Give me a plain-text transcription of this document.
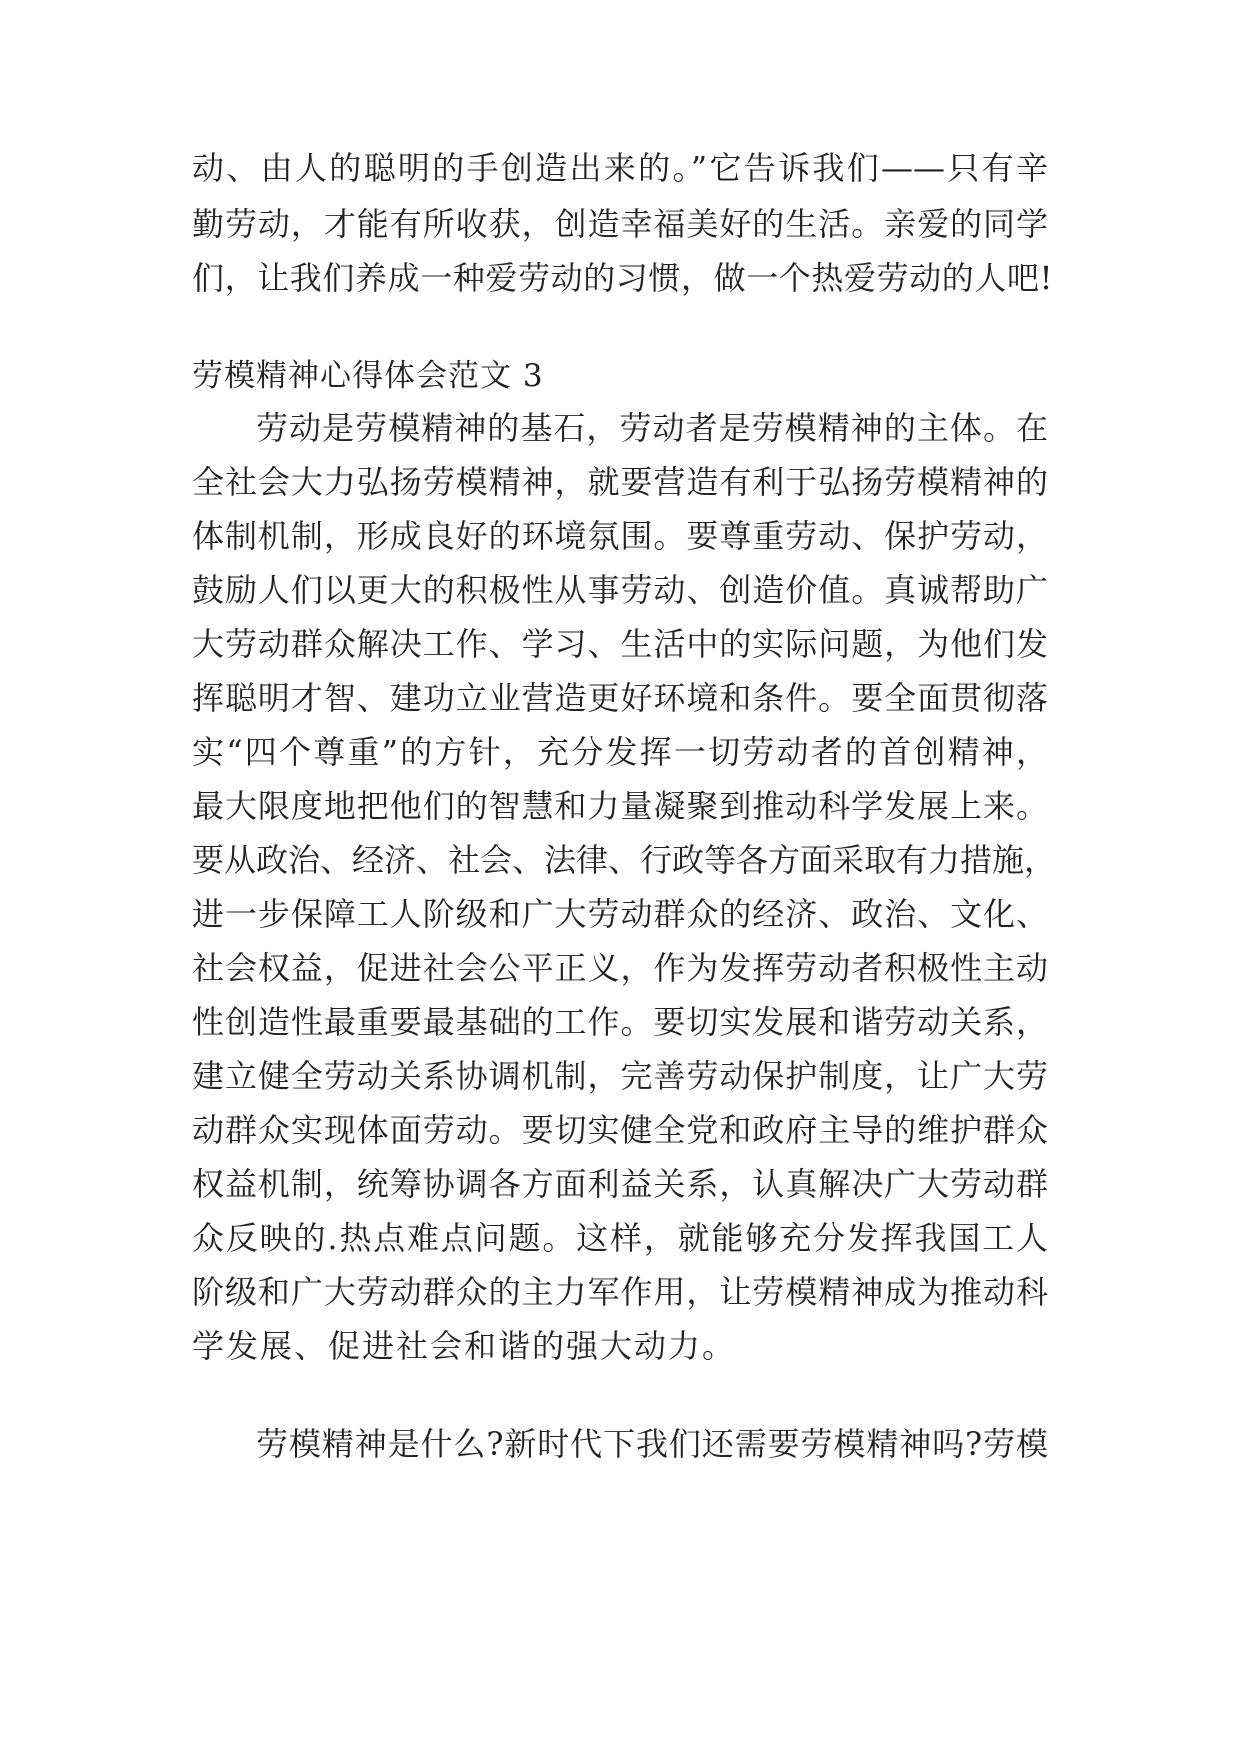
动、由人的聪明的手创造出来的。”它告诉我们——只有辛
勤劳动，才能有所收获，创造幸福美好的生活。亲爱的同学
们，让我们养成一种爱劳动的习惯，做一个热爱劳动的人吧!
劳模精神心得体会范文 3
劳动是劳模精神的基石，劳动者是劳模精神的主体。在
全社会大力弘扬劳模精神，就要营造有利于弘扬劳模精神的
体制机制，形成良好的环境氛围。要尊重劳动、保护劳动，
鼓励人们以更大的积极性从事劳动、创造价值。真诚帮助广
大劳动群众解决工作、学习、生活中的实际问题，为他们发
挥聪明才智、建功立业营造更好环境和条件。要全面贯彻落
实“四个尊重”的方针，充分发挥一切劳动者的首创精神，
最大限度地把他们的智慧和力量凝聚到推动科学发展上来。
要从政治、经济、社会、法律、行政等各方面采取有力措施，
进一步保障工人阶级和广大劳动群众的经济、政治、文化、
社会权益，促进社会公平正义，作为发挥劳动者积极性主动
性创造性最重要最基础的工作。要切实发展和谐劳动关系，
建立健全劳动关系协调机制，完善劳动保护制度，让广大劳
动群众实现体面劳动。要切实健全党和政府主导的维护群众
权益机制，统筹协调各方面利益关系，认真解决广大劳动群
众反映的.热点难点问题。这样，就能够充分发挥我国工人
阶级和广大劳动群众的主力军作用，让劳模精神成为推动科
学发展、促进社会和谐的强大动力。
劳模精神是什么?新时代下我们还需要劳模精神吗?劳模
